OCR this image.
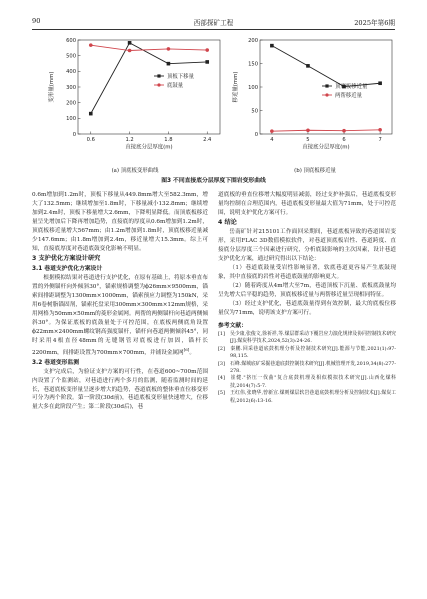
90	西部探矿工程	2025年第6期
0
100
200
300
400
500
600
0.6	1.2	1.8	2.4
直接底分层厚度(m)
变形量(mm)	顶板下移量
底鼓量
0
50
100
150
200
4	5	6	7
直接底分层厚度(m)
移近量(mm)	顶底板移近量
两帮移近量
(a) 顶底板变形曲线	(b) 顶底板移近量
图3 不同直接底分层厚度下围岩变形曲线

0.6m增加到1.2m时，顶板下移量从449.8mm增大至582.3mm，增大了132.5mm；继续增加至1.8m时，下移量减小132.8mm；继续增加到2.4m时，顶板下移量增大2.6mm，下降明显降低。而顶底板移近量呈先增加后下降再增加趋势，直接底的厚度从0.6m增加到1.2m时，顶底板移近量增大567mm；由1.2m增加到1.8m时，顶底板移近量减少147.6mm；由1.8m增加到2.4m，移近量增大15.3mm。综上可知，直接底厚度对巷道底鼓变化影响不明显。

3 支护优化方案设计研究
3.1 巷道支护优化方案设计

根据模拟结果对巷道进行支护优化，在原有基础上，将原本垂直布置的外侧锚杆向外倾斜30°，锚索规格调整为ϕ26mm×9500mm，锚索间排距调整为1300mm×1000mm，锚索预应力调整为150kN，采用6卷树脂锚固剂，锚索托盘采用300mm×300mm×12mm规格，采用网格为50mm×50mm的菱形金属网。两帮的两侧锚杆向巷道两侧倾斜30°。为保证底板的底鼓量处于可控范围，在底板两侧底角设置ϕ22mm×2400mm螺纹钢高强度锚杆，锚杆向巷道两侧倾斜45°，同时采用4根直径48mm的无缝钢管对底板进行加固，锚杆长2200mm，间排距设置为700mm×700mm，并铺设金属网[6]。

3.2 巷道变形监测

支护完成后，为验证支护方案的可行性，在巷道600~700m范围内设置了个监测站，对巷道进行两个多月的监测，随着监测时间的延长，巷道底板变形量呈逐步增大的趋势，巷道底板的整体垂直位移变形可分为两个阶段。第一阶段(30d前)，巷道底板变形量快速增大，位移量大多在此阶段产生；第二阶段(30d后)，巷

道底板的垂直位移增大幅度明显减弱，经过支护补强后，巷道底板变形量均控制在合理范围内，巷道底板变形量最大值为71mm，处于可控范围，说明支护优化方案可行。

4 结论

岳南矿针对215101工作面回采期间，巷道底板异致的巷道围岩变形，采用FLAC 3D数值模拟软件，对巷道顶底板岩性、巷道跨度、直接底分层厚度三个因素进行研究，分析底鼓影响的主次因素，设计巷道支护优化方案，通过研究得出以下结论：

（1）巷道底鼓量受岩性影响显著，软底巷道更容易产生底鼓现象，其中直接底的岩性对巷道底鼓量的影响更大。

（2）随着跨度从4m增大至7m，巷道顶板下沉量、底板底鼓量均呈先增大后平稳的趋势，顶底板移近量与两帮移近量呈现相同特征。

（3）经过支护优化，巷道底鼓量得到有效控制，最大的底板位移量仅为71mm，说明该支护方案可行。

参考文献：
[1] 吴少康,张俊文,徐祈祥,等.煤层群采动下覆岩应力演化规律及协同控制技术研究[J].煤炭科学技术,2024,52(3):24-26.
[2] 秦鹏.回采巷道底鼓机理分析及控制技术研究[J].能源与节能,2021(1):97-98,115.
[3] 石峰.煤城底矿采掘巷道底鼓控制技术研究[J].机械管理开发,2019,34(8):277-278.
[4] 崔健."挤压一伐曲"复合底鼓机理及相似模拟技术研究[J].山西化煤科技,2014(7):5-7.
[5] 王红伟,张晓华,曾新宣.煤则煤层软岩巷道底鼓机理分析及控制技术[J].煤炭工程,2012(6):13-16.
